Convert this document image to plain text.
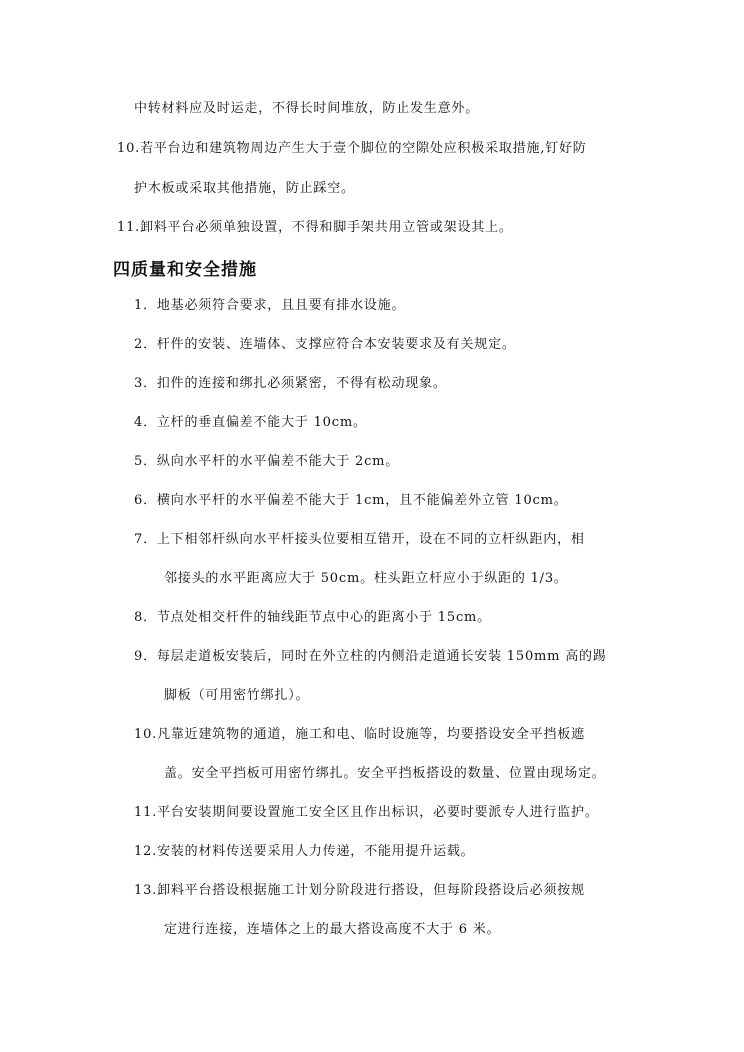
中转材料应及时运走，不得长时间堆放，防止发生意外。
10.若平台边和建筑物周边产生大于壹个脚位的空隙处应积极采取措施,钉好防
护木板或采取其他措施，防止踩空。
11.卸料平台必须单独设置，不得和脚手架共用立管或架设其上。
四质量和安全措施
1．地基必须符合要求，且且要有排水设施。
2．杆件的安装、连墙体、支撑应符合本安装要求及有关规定。
3．扣件的连接和绑扎必须紧密，不得有松动现象。
4．立杆的垂直偏差不能大于 10cm。
5．纵向水平杆的水平偏差不能大于 2cm。
6．横向水平杆的水平偏差不能大于 1cm，且不能偏差外立管 10cm。
7．上下相邻杆纵向水平杆接头位要相互错开，设在不同的立杆纵距内，相
邻接头的水平距离应大于 50cm。柱头距立杆应小于纵距的 1/3。
8．节点处相交杆件的轴线距节点中心的距离小于 15cm。
9．每层走道板安装后，同时在外立柱的内侧沿走道通长安装 150mm 高的踢
脚板（可用密竹绑扎）。
10.凡靠近建筑物的通道，施工和电、临时设施等，均要搭设安全平挡板遮
盖。安全平挡板可用密竹绑扎。安全平挡板搭设的数量、位置由现场定。
11.平台安装期间要设置施工安全区且作出标识，必要时要派专人进行监护。
12.安装的材料传送要采用人力传递，不能用提升运载。
13.卸料平台搭设根据施工计划分阶段进行搭设，但每阶段搭设后必须按规
定进行连接，连墙体之上的最大搭设高度不大于 6 米。
